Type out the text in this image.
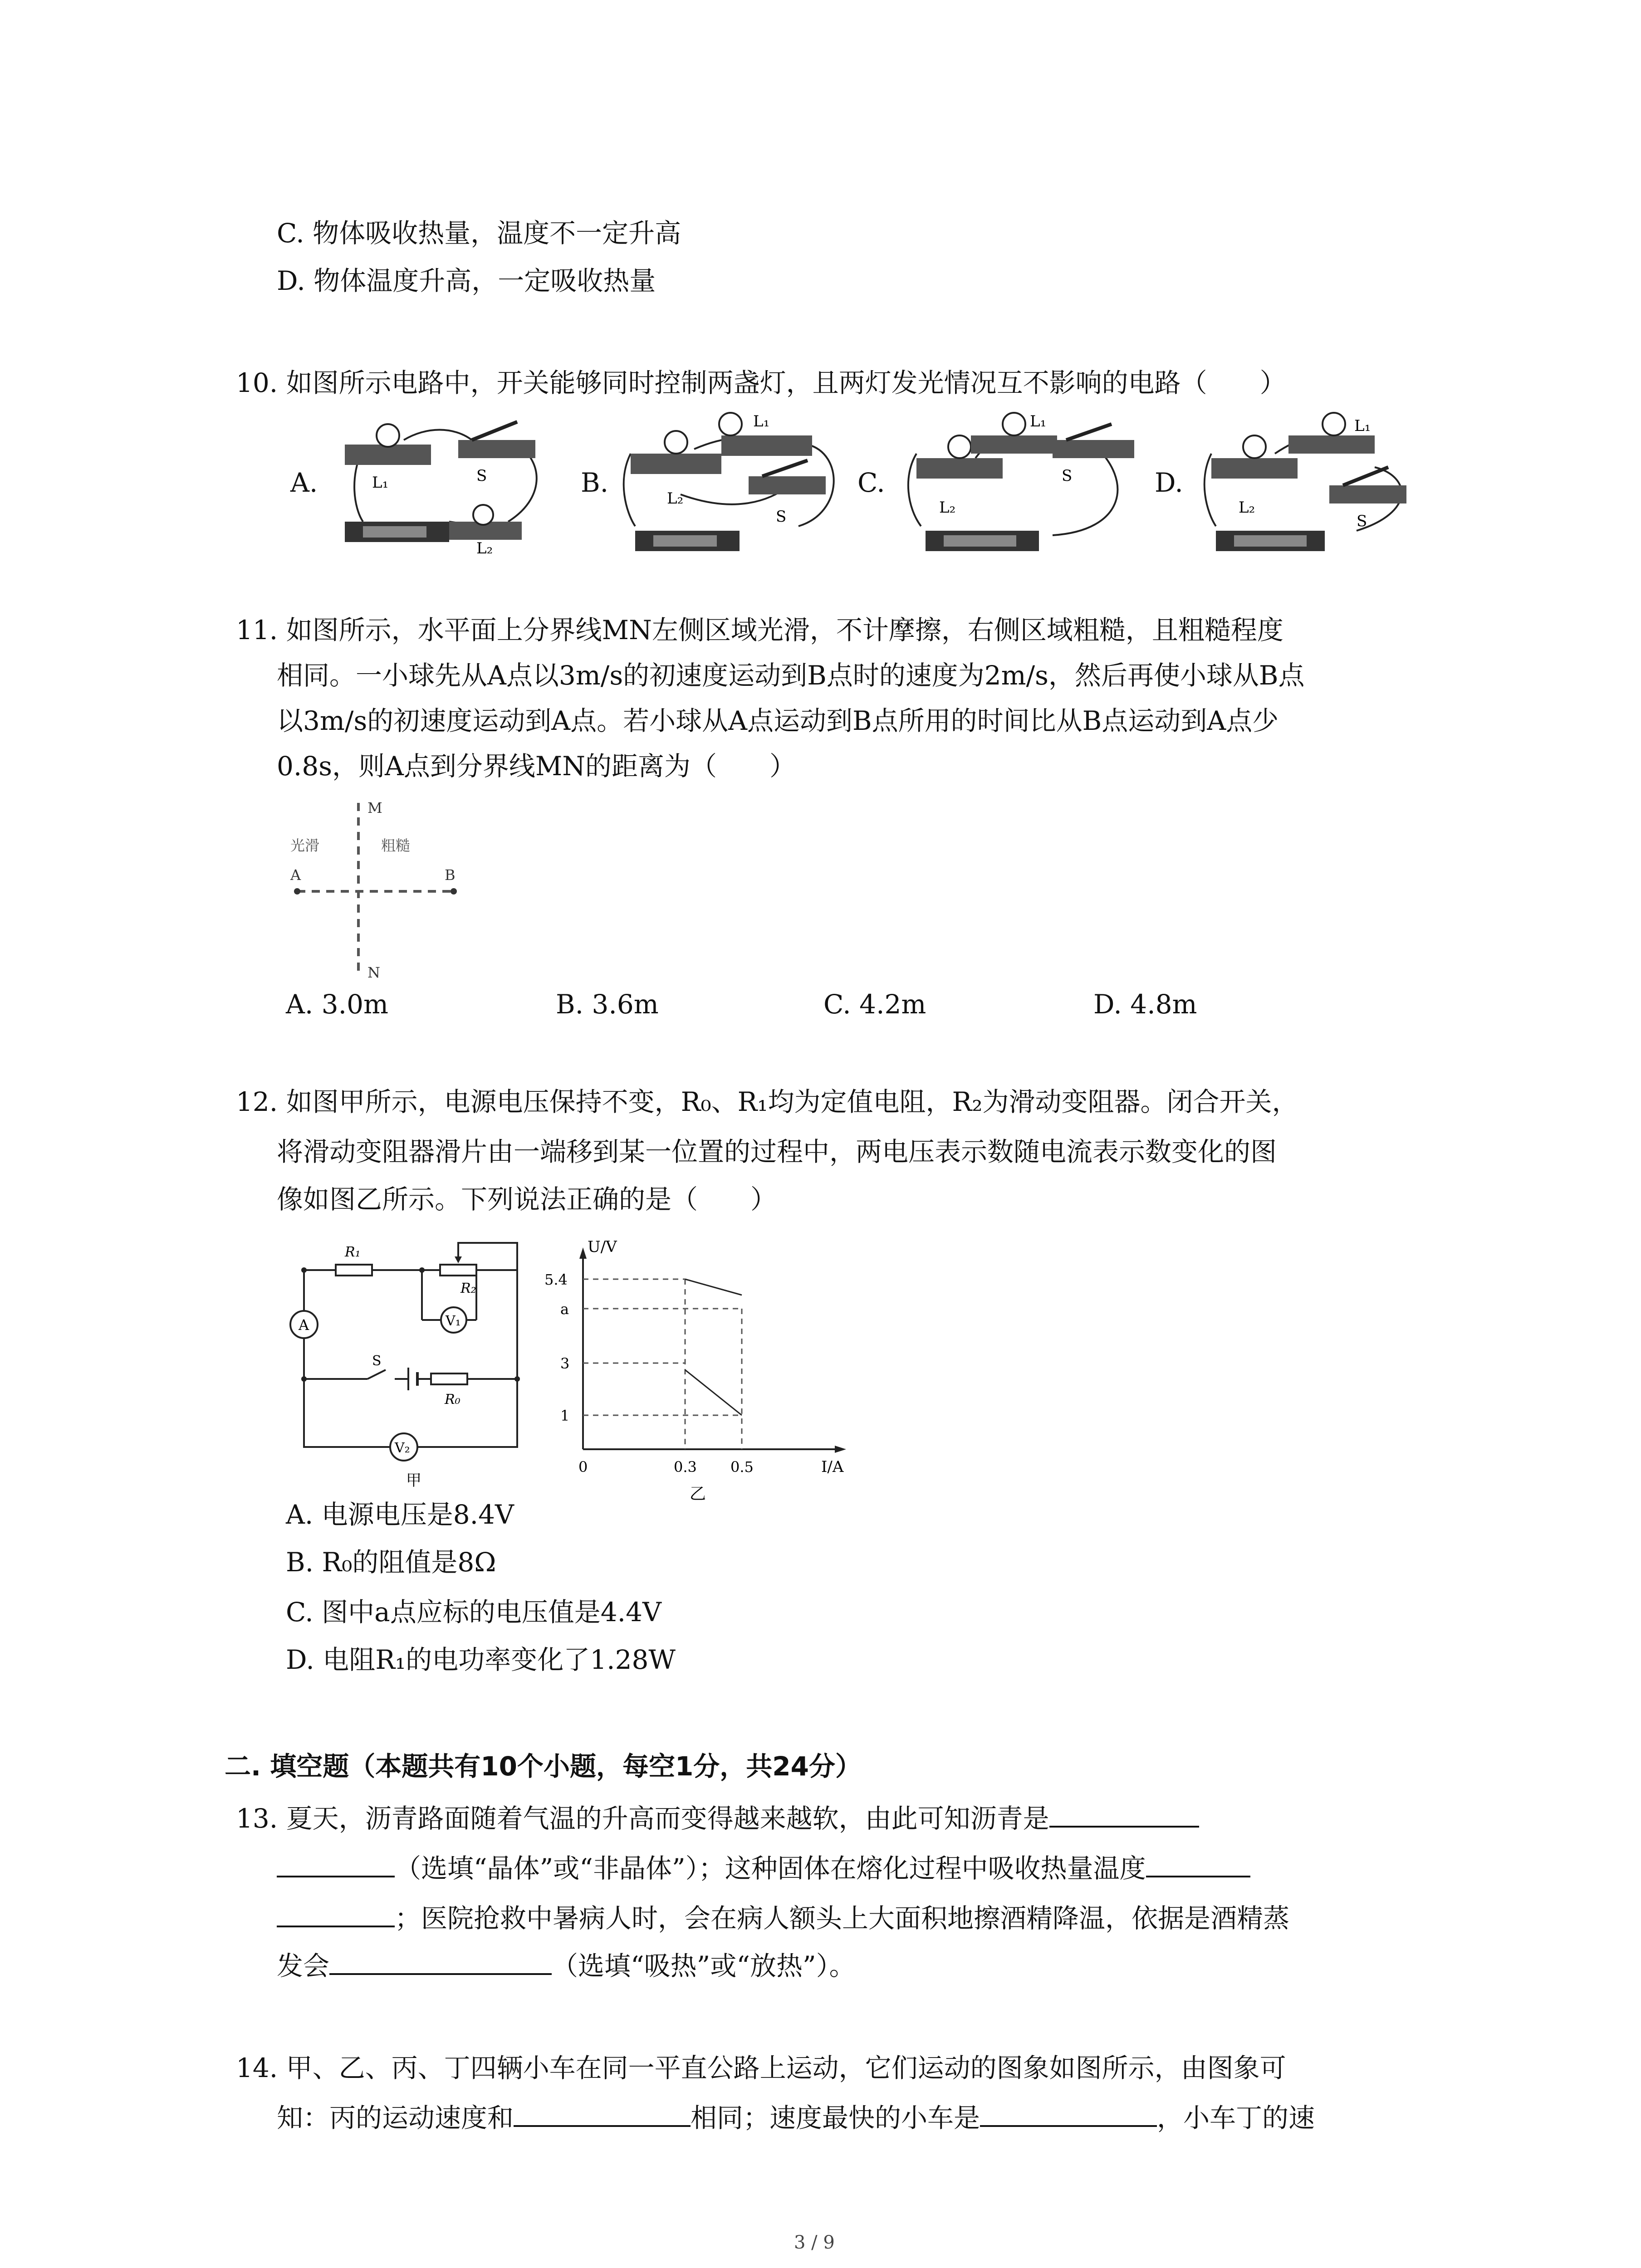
C. 物体吸收热量，温度不一定升高
D. 物体温度升高，一定吸收热量
10. 如图所示电路中，开关能够同时控制两盏灯，且两灯发光情况互不影响的电路（　　）
A.	B.	C.	D.
L₁	S
L₂
L₁
L₂
S
L₁
L₂
S
L₁
L₂
S
11. 如图所示，水平面上分界线MN左侧区域光滑，不计摩擦，右侧区域粗糙，且粗糙程度
相同。一小球先从A点以3m/s的初速度运动到B点时的速度为2m/s，然后再使小球从B点
以3m/s的初速度运动到A点。若小球从A点运动到B点所用的时间比从B点运动到A点少
0.8s，则A点到分界线MN的距离为（　　）
M
N
光滑	粗糙
A	B
A. 3.0m	B. 3.6m	C. 4.2m	D. 4.8m
12. 如图甲所示，电源电压保持不变，R₀、R₁均为定值电阻，R₂为滑动变阻器。闭合开关，
将滑动变阻器滑片由一端移到某一位置的过程中，两电压表示数随电流表示数变化的图
像如图乙所示。下列说法正确的是（　　）
V₁
A
V₂
R₁
R₂
R₀
S
甲
U/V
I/A
5.4
a
3
1
0	0.3 0.5
乙
A. 电源电压是8.4V
B. R₀的阻值是8Ω
C. 图中a点应标的电压值是4.4V
D. 电阻R₁的电功率变化了1.28W
二. 填空题（本题共有10个小题，每空1分，共24分）
13. 夏天，沥青路面随着气温的升高而变得越来越软，由此可知沥青是
（选填“晶体”或“非晶体”）；这种固体在熔化过程中吸收热量温度
；医院抢救中暑病人时，会在病人额头上大面积地擦酒精降温，依据是酒精蒸
发会	（选填“吸热”或“放热”）。
14. 甲、乙、丙、丁四辆小车在同一平直公路上运动，它们运动的图象如图所示，由图象可
知：丙的运动速度和	相同；速度最快的小车是	，小车丁的速
3 / 9
